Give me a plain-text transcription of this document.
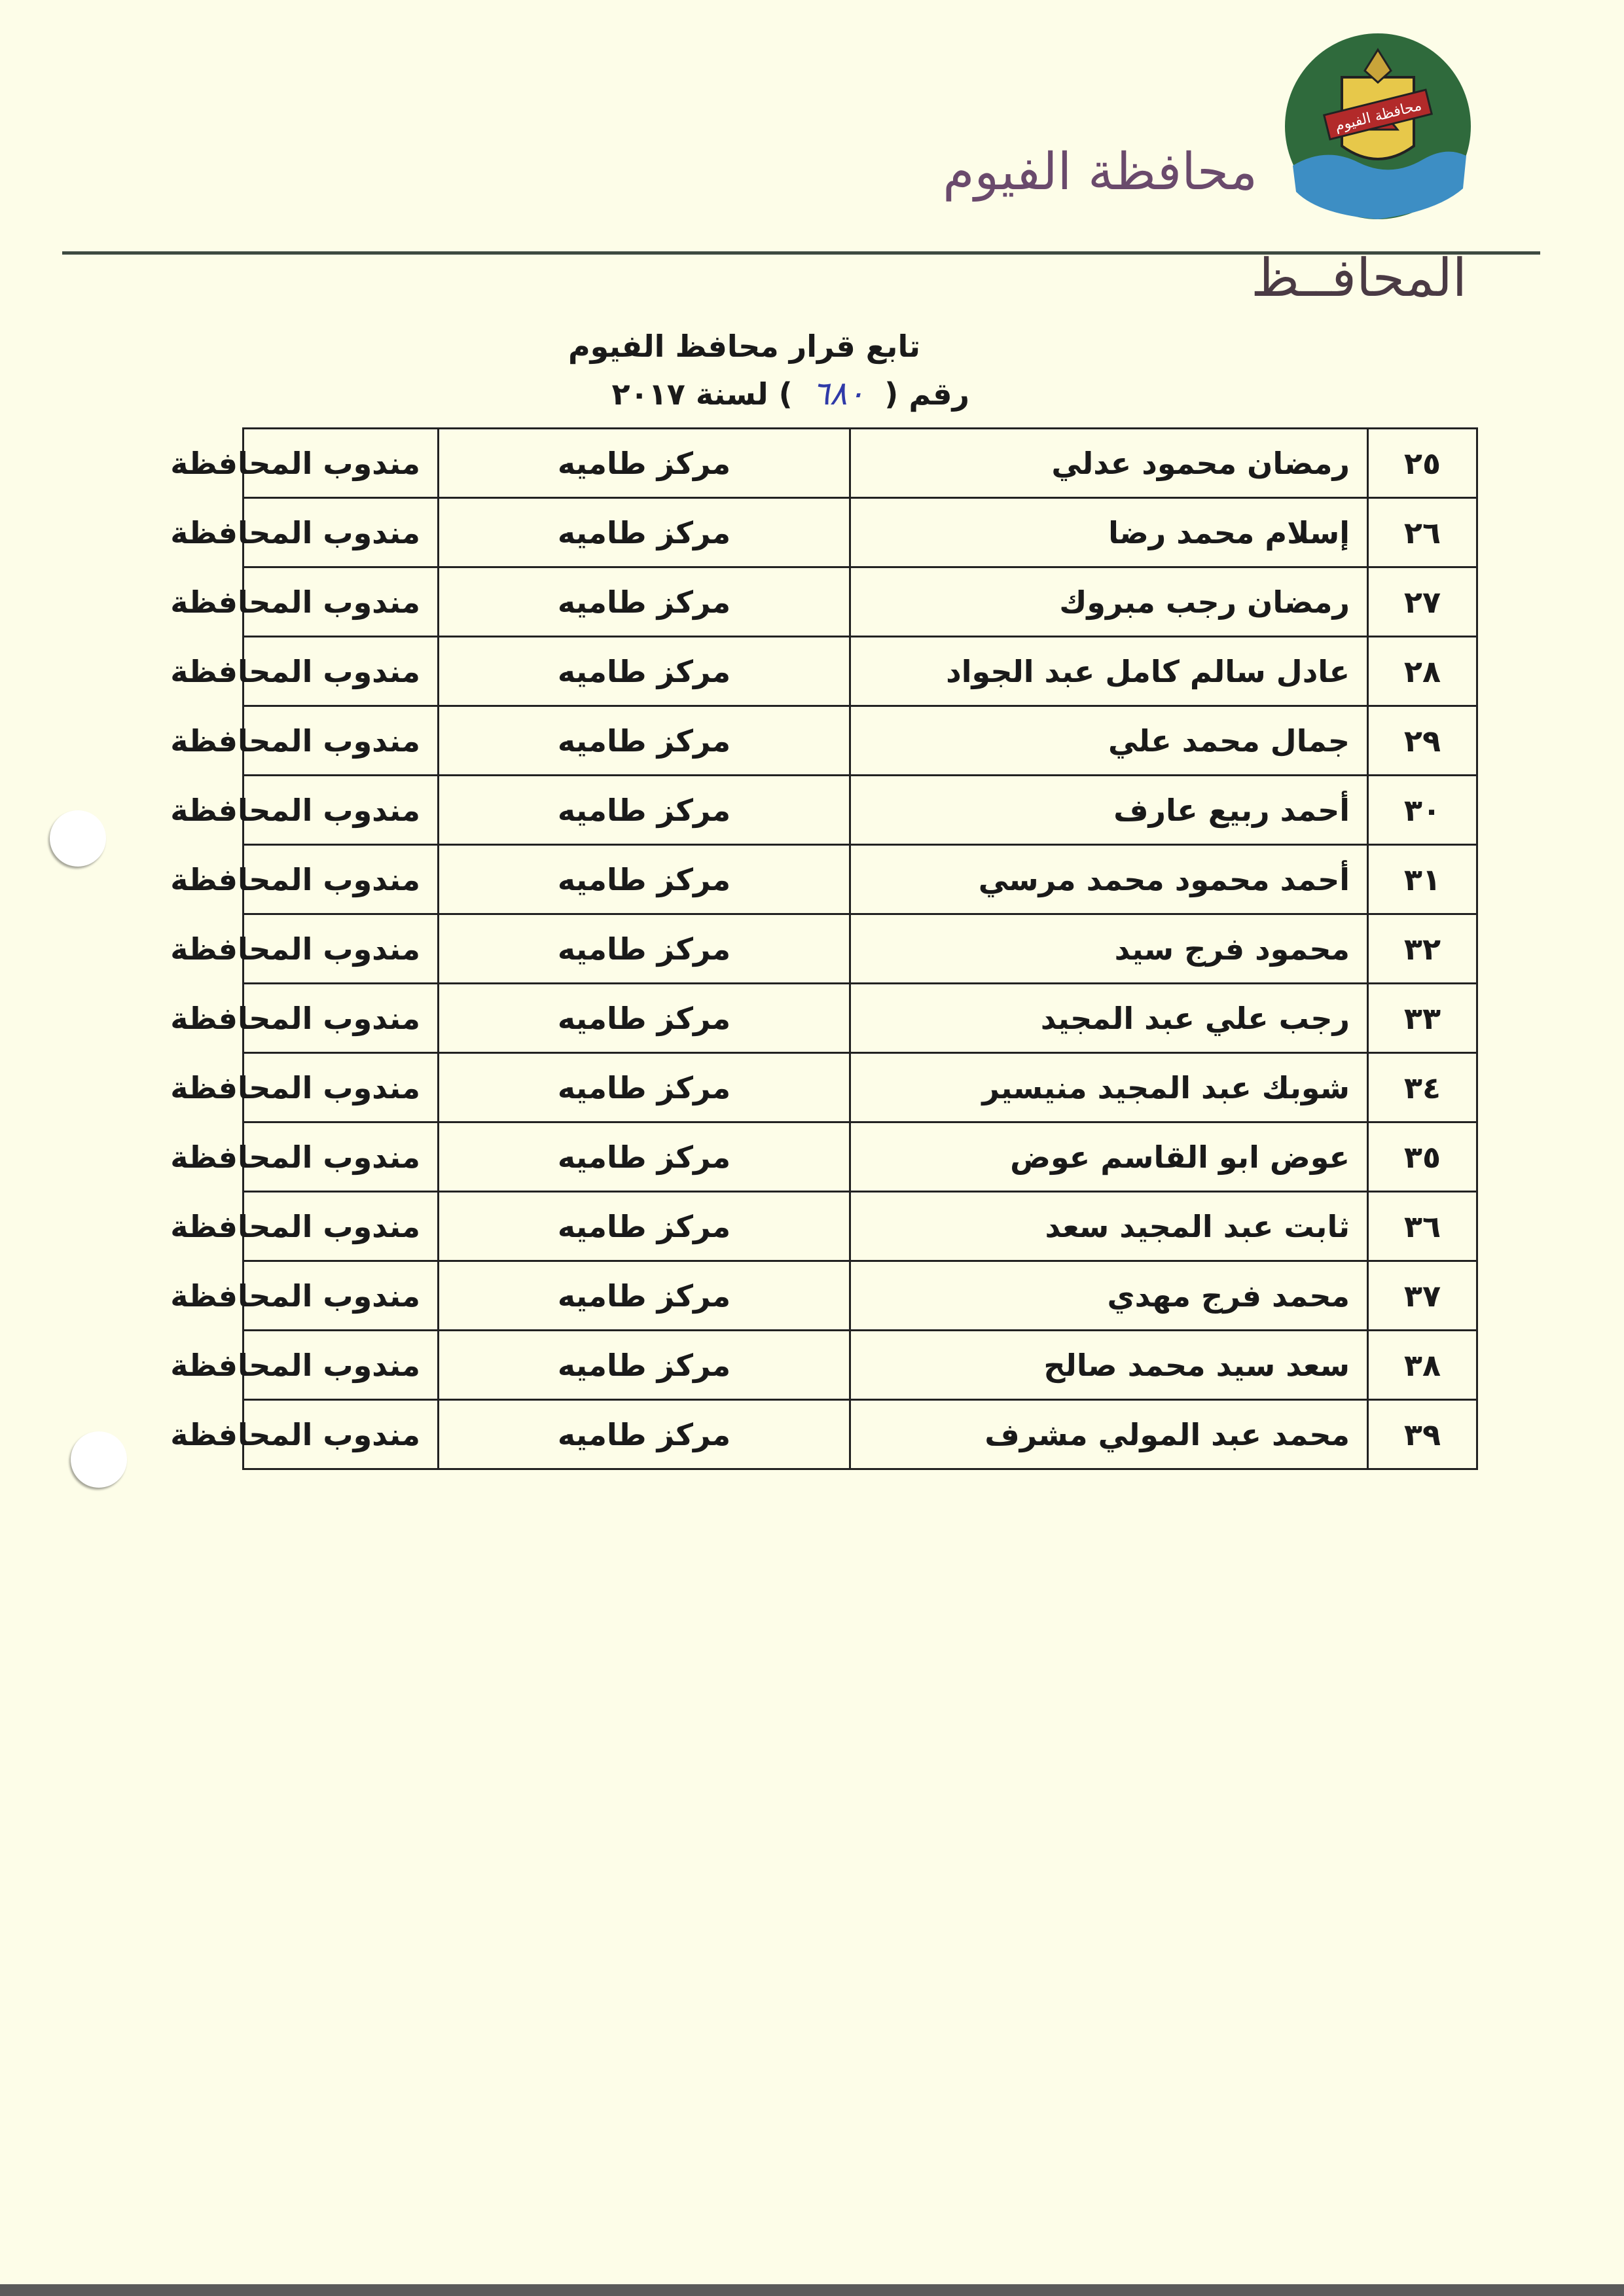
محافظة الفيوم
محافظة الفيوم
المحافــظ
تابع قرار محافظ الفيوم
رقم ( ٦٨٠ ) لسنة ٢٠١٧
٢٥	رمضان محمود عدلي	مركز طاميه	مندوب المحافظة
٢٦	إسلام محمد رضا	مركز طاميه	مندوب المحافظة
٢٧	رمضان رجب مبروك	مركز طاميه	مندوب المحافظة
٢٨	عادل سالم كامل عبد الجواد	مركز طاميه	مندوب المحافظة
٢٩	جمال محمد علي	مركز طاميه	مندوب المحافظة
٣٠	أحمد ربيع عارف	مركز طاميه	مندوب المحافظة
٣١	أحمد محمود محمد مرسي	مركز طاميه	مندوب المحافظة
٣٢	محمود فرج سيد	مركز طاميه	مندوب المحافظة
٣٣	رجب علي عبد المجيد	مركز طاميه	مندوب المحافظة
٣٤	شوبك عبد المجيد منيسير	مركز طاميه	مندوب المحافظة
٣٥	عوض ابو القاسم عوض	مركز طاميه	مندوب المحافظة
٣٦	ثابت عبد المجيد سعد	مركز طاميه	مندوب المحافظة
٣٧	محمد فرج مهدي	مركز طاميه	مندوب المحافظة
٣٨	سعد سيد محمد صالح	مركز طاميه	مندوب المحافظة
٣٩	محمد عبد المولي مشرف	مركز طاميه	مندوب المحافظة
